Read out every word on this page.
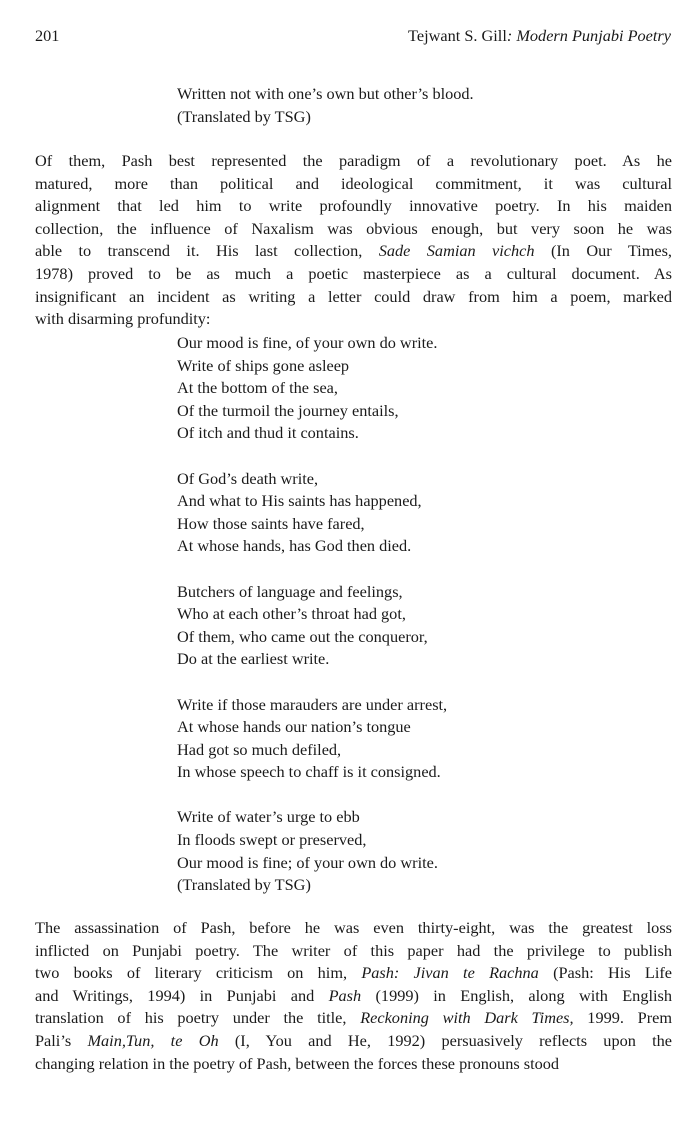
201	Tejwant S. Gill: Modern Punjabi Poetry
Written not with one’s own but other’s blood.
(Translated by TSG)
Of them, Pash best represented the paradigm of a revolutionary poet. As he
matured, more than political and ideological commitment, it was cultural
alignment that led him to write profoundly innovative poetry. In his maiden
collection, the influence of Naxalism was obvious enough, but very soon he was
able to transcend it. His last collection, Sade Samian vichch (In Our Times,
1978) proved to be as much a poetic masterpiece as a cultural document. As
insignificant an incident as writing a letter could draw from him a poem, marked
with disarming profundity:
Our mood is fine, of your own do write.
Write of ships gone asleep
At the bottom of the sea,
Of the turmoil the journey entails,
Of itch and thud it contains.
Of God’s death write,
And what to His saints has happened,
How those saints have fared,
At whose hands, has God then died.
Butchers of language and feelings,
Who at each other’s throat had got,
Of them, who came out the conqueror,
Do at the earliest write.
Write if those marauders are under arrest,
At whose hands our nation’s tongue
Had got so much defiled,
In whose speech to chaff is it consigned.
Write of water’s urge to ebb
In floods swept or preserved,
Our mood is fine; of your own do write.
(Translated by TSG)
The assassination of Pash, before he was even thirty-eight, was the greatest loss
inflicted on Punjabi poetry. The writer of this paper had the privilege to publish
two books of literary criticism on him, Pash: Jivan te Rachna (Pash: His Life
and Writings, 1994) in Punjabi and Pash (1999) in English, along with English
translation of his poetry under the title, Reckoning with Dark Times, 1999. Prem
Pali’s Main,Tun, te Oh (I, You and He, 1992) persuasively reflects upon the
changing relation in the poetry of Pash, between the forces these pronouns stood
